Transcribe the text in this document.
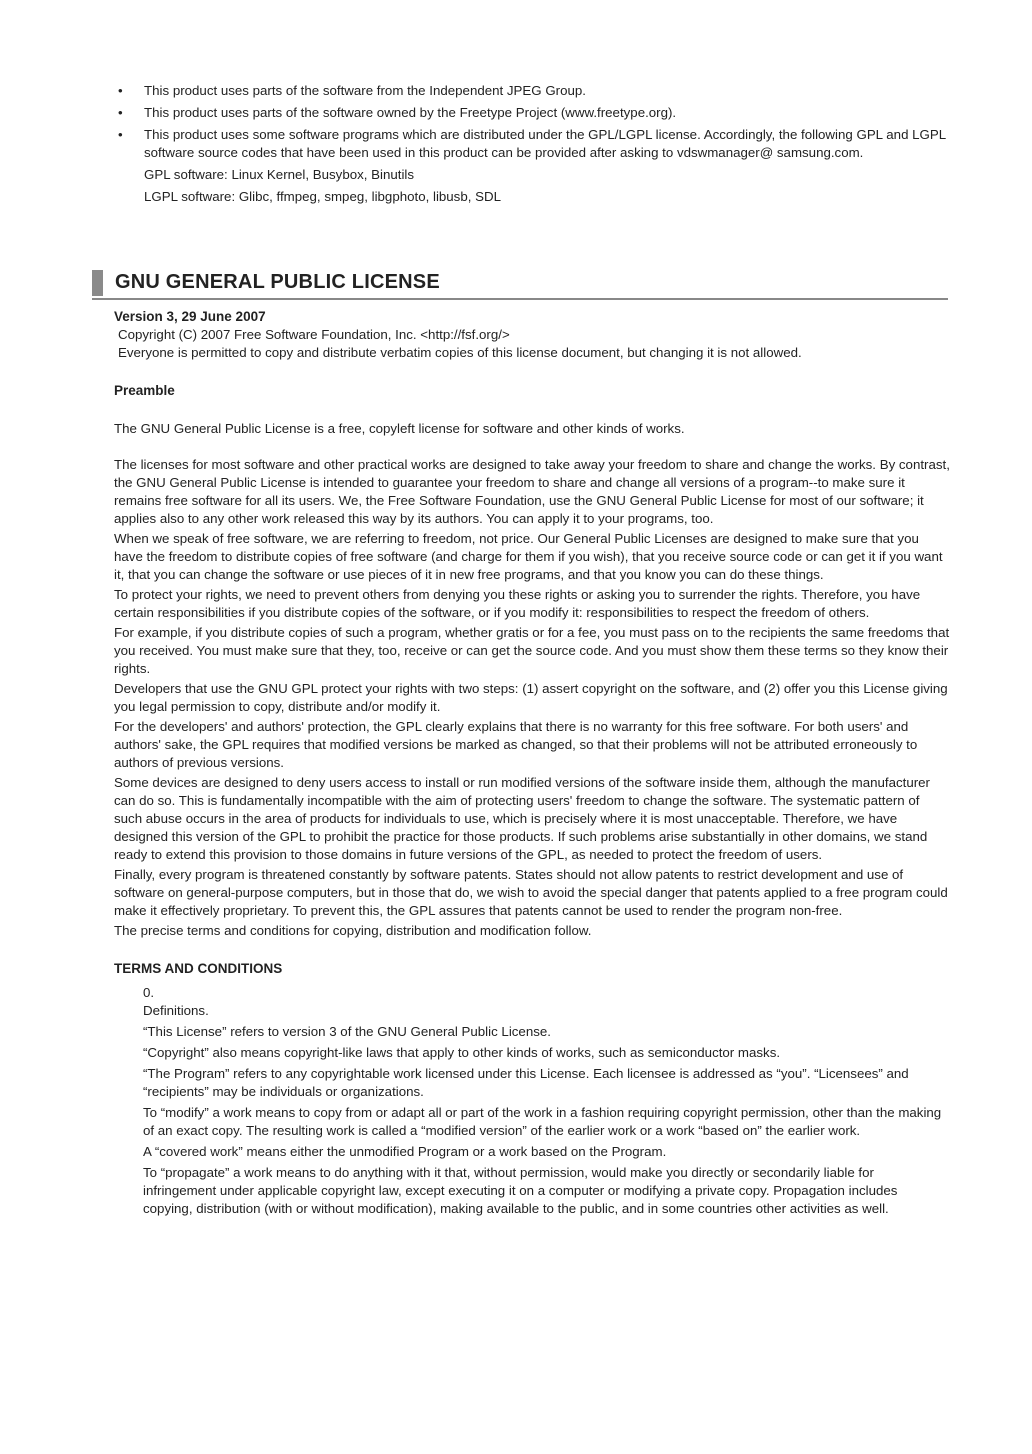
• This product uses parts of the software from the Independent JPEG Group.
• This product uses parts of the software owned by the Freetype Project (www.freetype.org).
• This product uses some software programs which are distributed under the GPL/LGPL license. Accordingly, the following GPL and LGPL software source codes that have been used in this product can be provided after asking to vdswmanager@ samsung.com.
GPL software: Linux Kernel, Busybox, Binutils
LGPL software: Glibc, ffmpeg, smpeg, libgphoto, libusb, SDL
GNU GENERAL PUBLIC LICENSE

Version 3, 29 June 2007

Copyright (C) 2007 Free Software Foundation, Inc. <http://fsf.org/>

Everyone is permitted to copy and distribute verbatim copies of this license document, but changing it is not allowed.

Preamble

The GNU General Public License is a free, copyleft license for software and other kinds of works.

The licenses for most software and other practical works are designed to take away your freedom to share and change the works. By contrast, the GNU General Public License is intended to guarantee your freedom to share and change all versions of a program--to make sure it remains free software for all its users. We, the Free Software Foundation, use the GNU General Public License for most of our software; it applies also to any other work released this way by its authors. You can apply it to your programs, too.

When we speak of free software, we are referring to freedom, not price. Our General Public Licenses are designed to make sure that you have the freedom to distribute copies of free software (and charge for them if you wish), that you receive source code or can get it if you want it, that you can change the software or use pieces of it in new free programs, and that you know you can do these things.

To protect your rights, we need to prevent others from denying you these rights or asking you to surrender the rights. Therefore, you have certain responsibilities if you distribute copies of the software, or if you modify it: responsibilities to respect the freedom of others.

For example, if you distribute copies of such a program, whether gratis or for a fee, you must pass on to the recipients the same freedoms that you received. You must make sure that they, too, receive or can get the source code. And you must show them these terms so they know their rights.

Developers that use the GNU GPL protect your rights with two steps: (1) assert copyright on the software, and (2) offer you this License giving you legal permission to copy, distribute and/or modify it.

For the developers' and authors' protection, the GPL clearly explains that there is no warranty for this free software. For both users' and authors' sake, the GPL requires that modified versions be marked as changed, so that their problems will not be attributed erroneously to authors of previous versions.

Some devices are designed to deny users access to install or run modified versions of the software inside them, although the manufacturer can do so. This is fundamentally incompatible with the aim of protecting users' freedom to change the software. The systematic pattern of such abuse occurs in the area of products for individuals to use, which is precisely where it is most unacceptable. Therefore, we have designed this version of the GPL to prohibit the practice for those products. If such problems arise substantially in other domains, we stand ready to extend this provision to those domains in future versions of the GPL, as needed to protect the freedom of users.

Finally, every program is threatened constantly by software patents. States should not allow patents to restrict development and use of software on general-purpose computers, but in those that do, we wish to avoid the special danger that patents applied to a free program could make it effectively proprietary. To prevent this, the GPL assures that patents cannot be used to render the program non-free.

The precise terms and conditions for copying, distribution and modification follow.

TERMS AND CONDITIONS

0.

Definitions.

“This License” refers to version 3 of the GNU General Public License.

“Copyright” also means copyright-like laws that apply to other kinds of works, such as semiconductor masks.

“The Program” refers to any copyrightable work licensed under this License. Each licensee is addressed as “you”. “Licensees” and “recipients” may be individuals or organizations.

To “modify” a work means to copy from or adapt all or part of the work in a fashion requiring copyright permission, other than the making of an exact copy. The resulting work is called a “modified version” of the earlier work or a work “based on” the earlier work.

A “covered work” means either the unmodified Program or a work based on the Program.

To “propagate” a work means to do anything with it that, without permission, would make you directly or secondarily liable for infringement under applicable copyright law, except executing it on a computer or modifying a private copy. Propagation includes copying, distribution (with or without modification), making available to the public, and in some countries other activities as well.
